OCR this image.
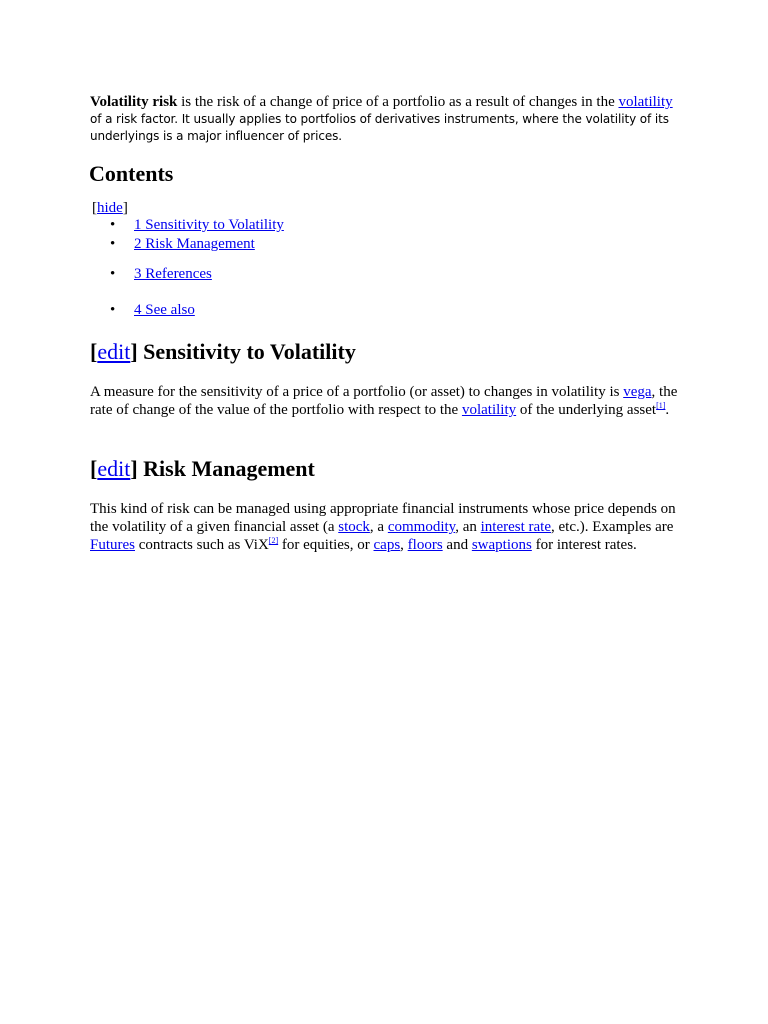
Volatility risk is the risk of a change of price of a portfolio as a result of changes in the volatility
of a risk factor. It usually applies to portfolios of derivatives instruments, where the volatility of its underlyings is a major influencer of prices.
Contents
[hide]
• 1 Sensitivity to Volatility
• 2 Risk Management
• 3 References
• 4 See also
[edit] Sensitivity to Volatility
A measure for the sensitivity of a price of a portfolio (or asset) to changes in volatility is vega, the rate of change of the value of the portfolio with respect to the volatility of the underlying asset[1].
[edit] Risk Management
This kind of risk can be managed using appropriate financial instruments whose price depends on the volatility of a given financial asset (a stock, a commodity, an interest rate, etc.). Examples are Futures contracts such as ViX[2] for equities, or caps, floors and swaptions for interest rates.
